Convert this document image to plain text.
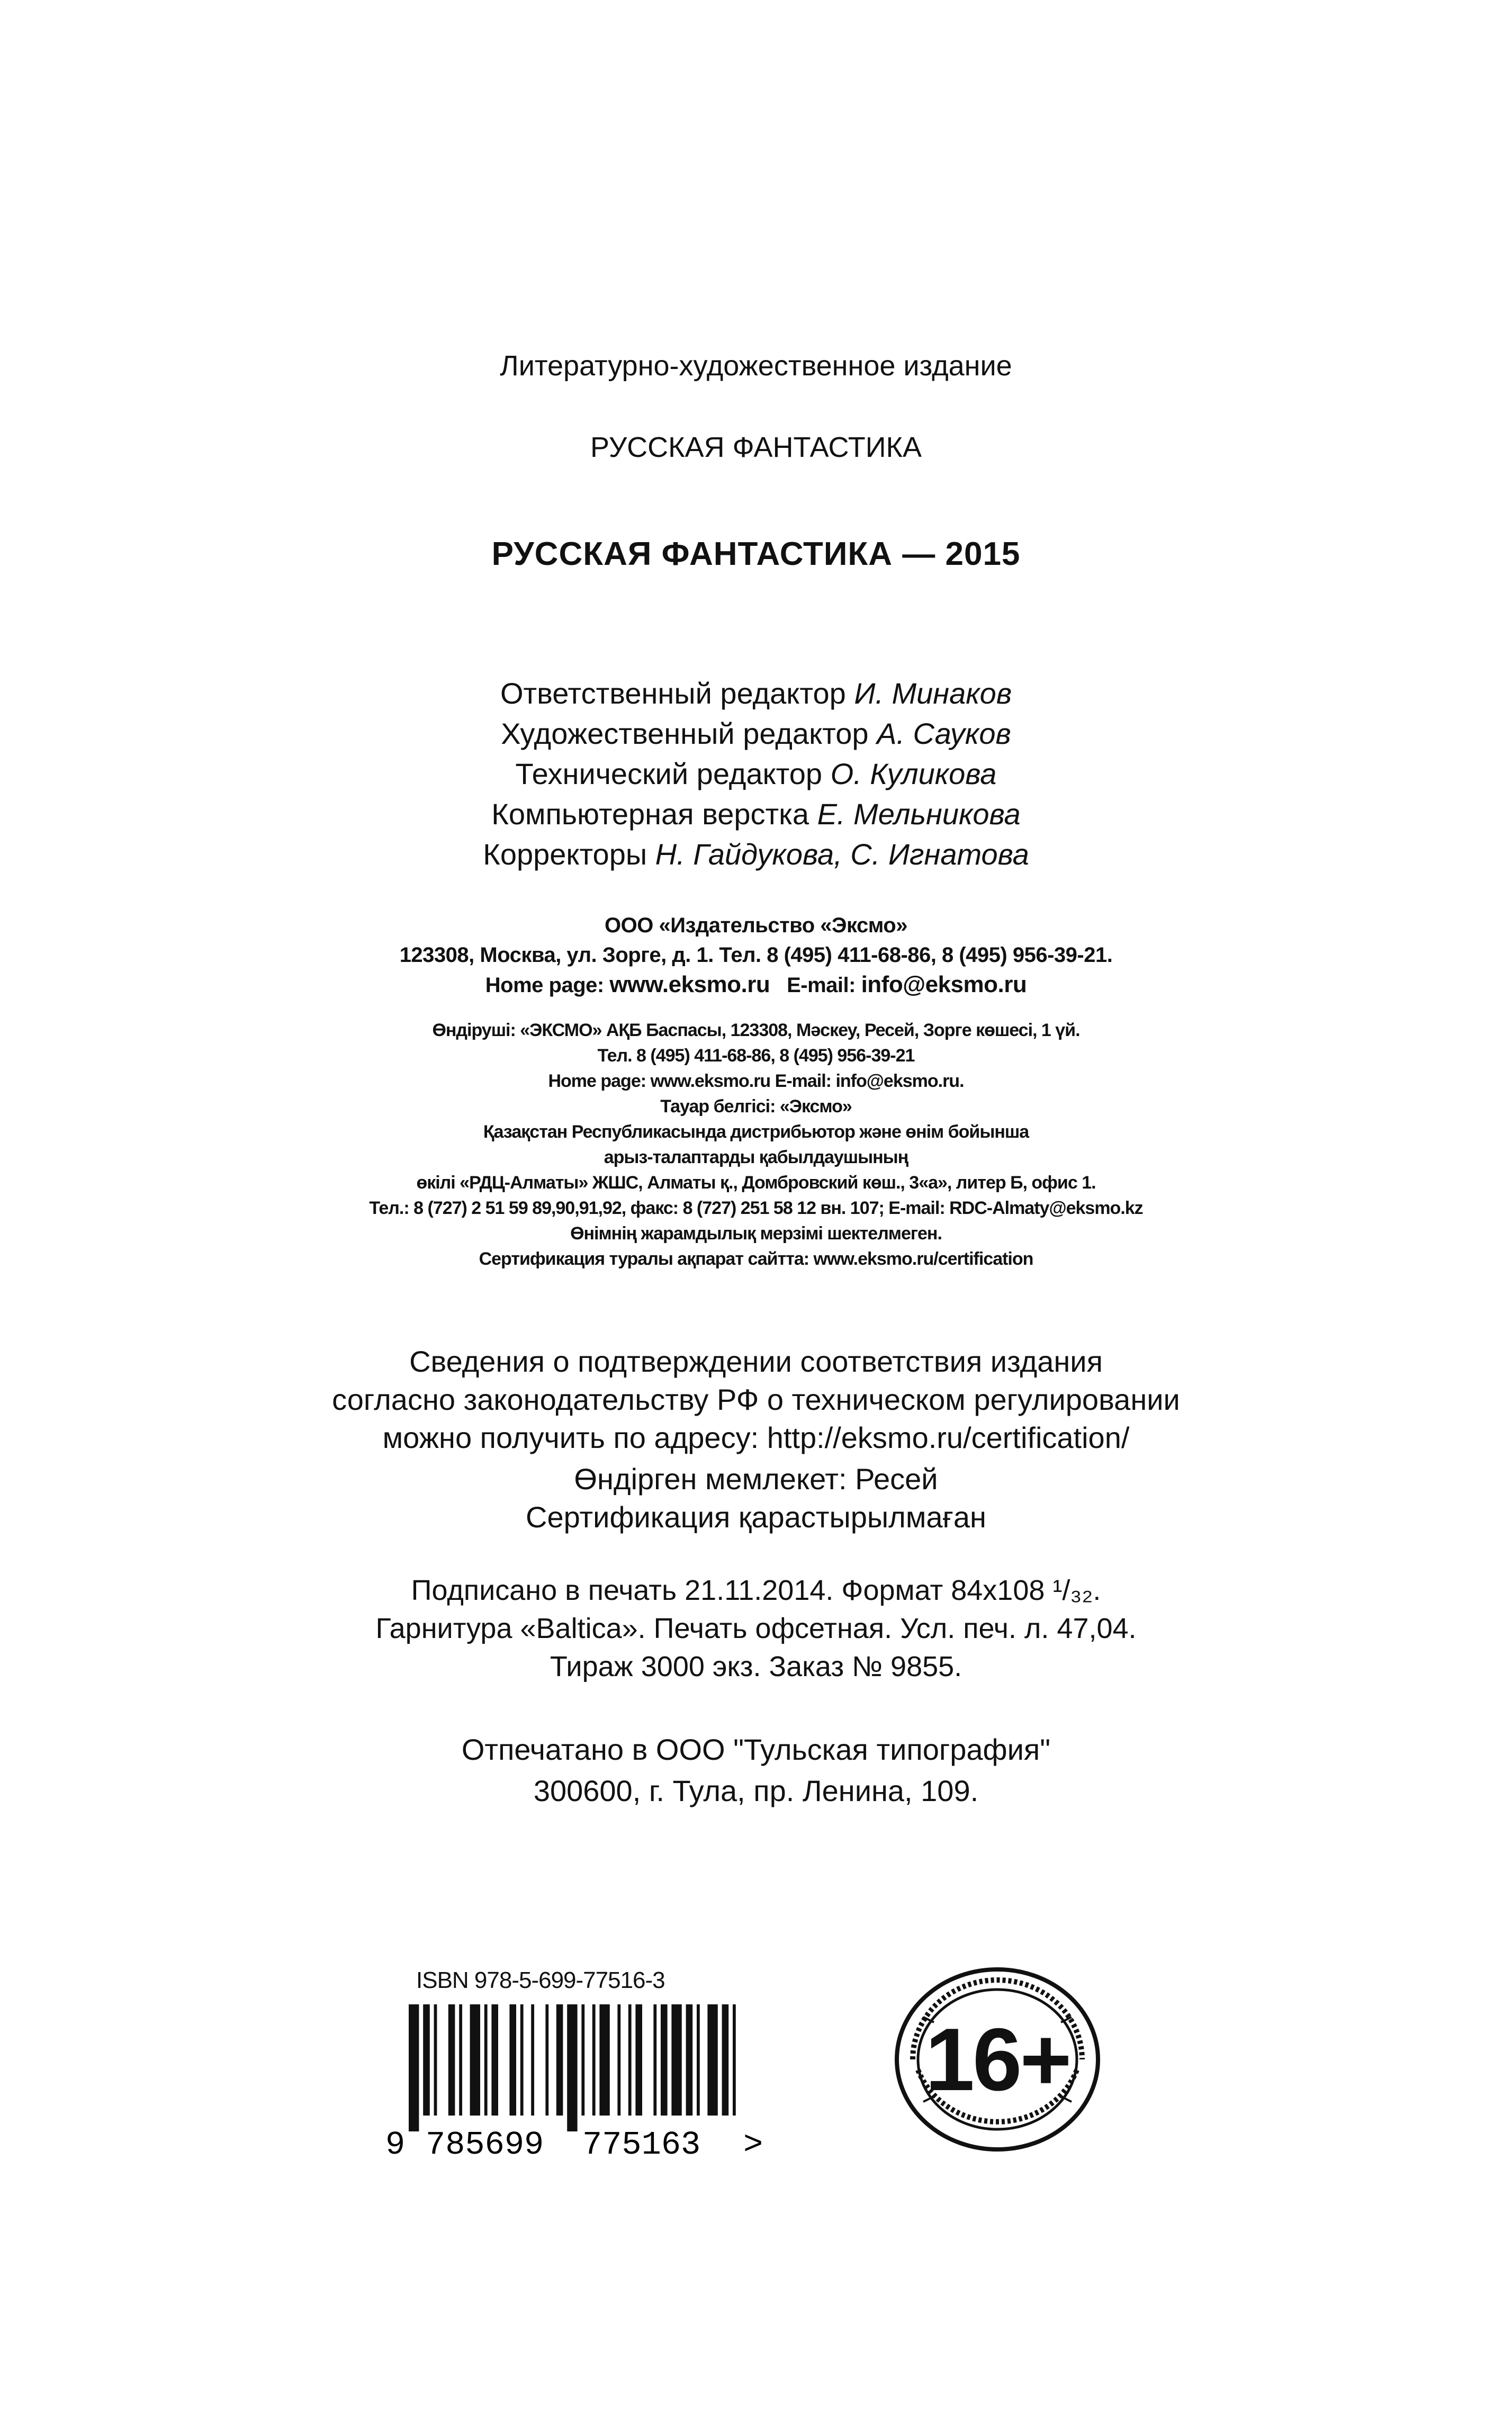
Литературно-художественное издание
РУССКАЯ ФАНТАСТИКА
РУССКАЯ ФАНТАСТИКА — 2015
Ответственный редактор И. Минаков
Художественный редактор А. Сауков
Технический редактор О. Куликова
Компьютерная верстка Е. Мельникова
Корректоры Н. Гайдукова, С. Игнатова
ООО «Издательство «Эксмо»
123308, Москва, ул. Зорге, д. 1. Тел. 8 (495) 411-68-86, 8 (495) 956-39-21.
Home page: www.eksmo.ru E-mail: info@eksmo.ru
Өндіруші: «ЭКСМО» АҚБ Баспасы, 123308, Мәскеу, Ресей, Зорге көшесі, 1 үй.
Тел. 8 (495) 411-68-86, 8 (495) 956-39-21
Home page: www.eksmo.ru E-mail: info@eksmo.ru.
Тауар белгісі: «Эксмо»
Қазақстан Республикасында дистрибьютор және өнім бойынша
арыз-талаптарды қабылдаушының
өкілі «РДЦ-Алматы» ЖШС, Алматы қ., Домбровский көш., 3«а», литер Б, офис 1.
Тел.: 8 (727) 2 51 59 89,90,91,92, факс: 8 (727) 251 58 12 вн. 107; E-mail: RDC-Almaty@eksmo.kz
Өнімнің жарамдылық мерзімі шектелмеген.
Сертификация туралы ақпарат сайтта: www.eksmo.ru/certification
Сведения о подтверждении соответствия издания
согласно законодательству РФ о техническом регулировании
можно получить по адресу: http://eksmo.ru/certification/
Өндірген мемлекет: Ресей
Сертификация қарастырылмаған
Подписано в печать 21.11.2014. Формат 84x108 ¹/₃₂.
Гарнитура «Baltica». Печать офсетная. Усл. печ. л. 47,04.
Тираж 3000 экз. Заказ № 9855.
Отпечатано в ООО "Тульская типография"
300600, г. Тула, пр. Ленина, 109.
ISBN 978-5-699-77516-3
9 785699 775163 >
16+
